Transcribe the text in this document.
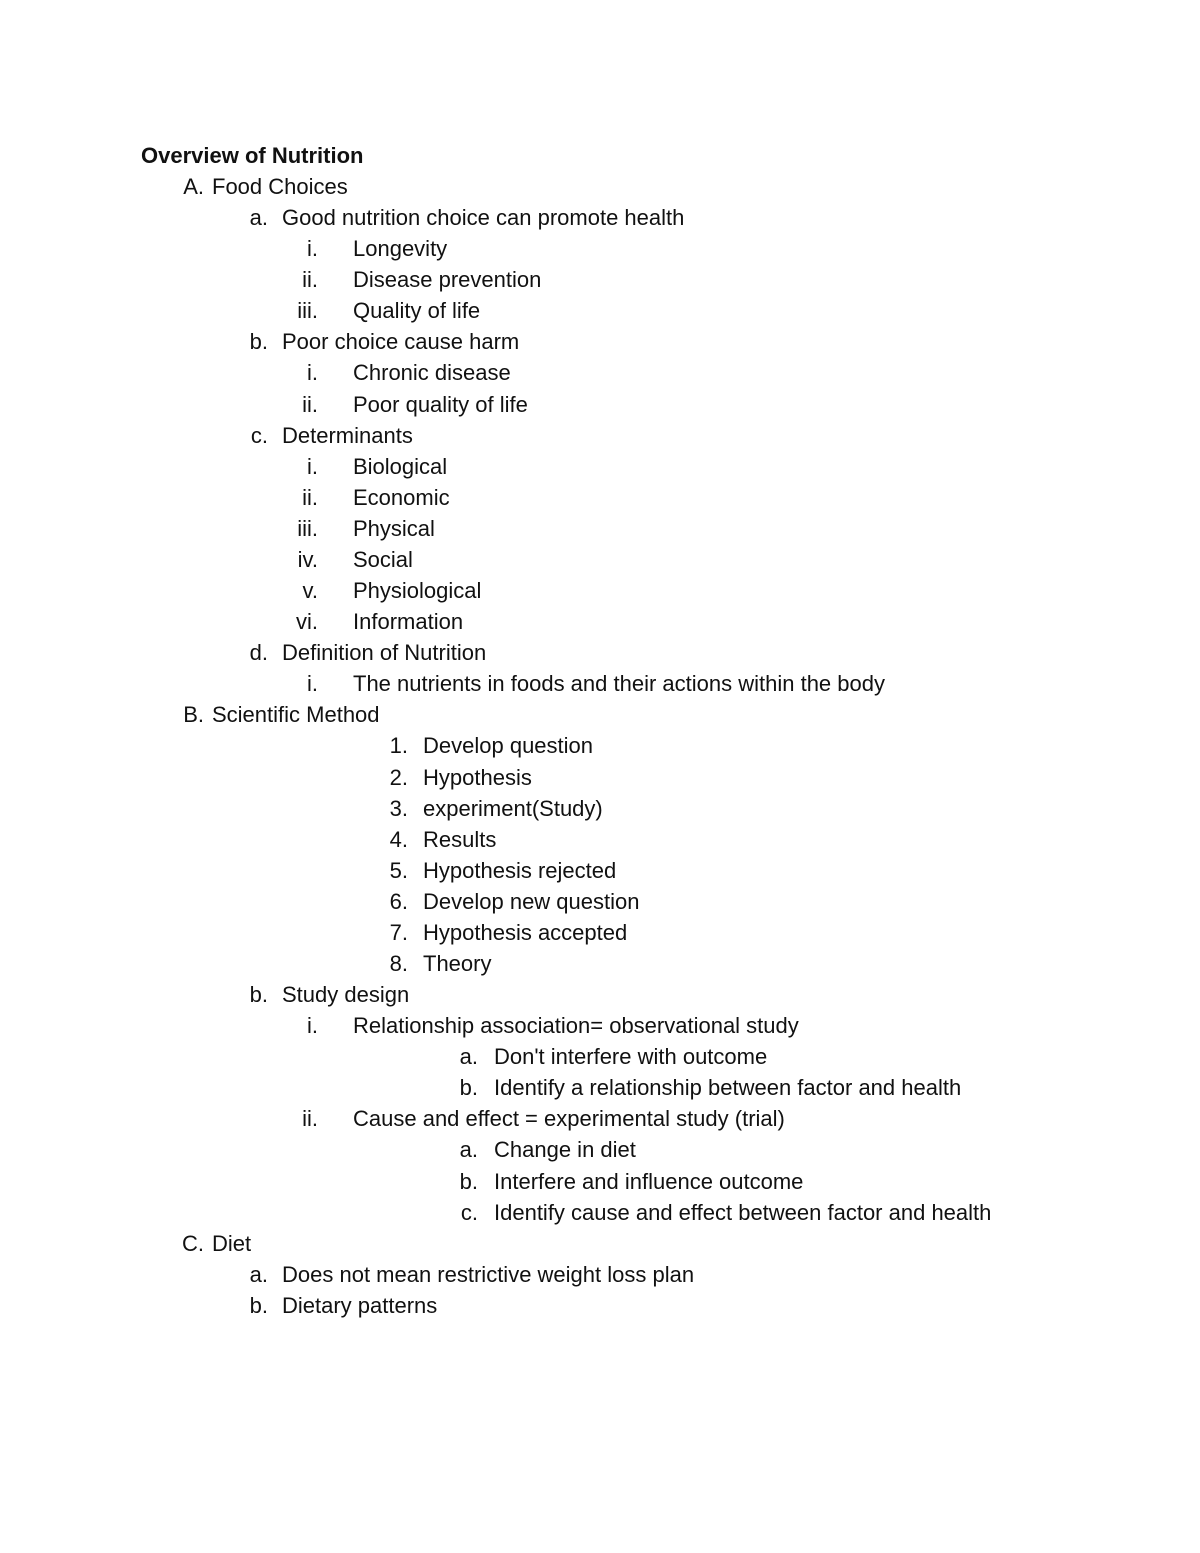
Overview of Nutrition
A. Food Choices
a. Good nutrition choice can promote health
i. Longevity
ii. Disease prevention
iii. Quality of life
b. Poor choice cause harm
i. Chronic disease
ii. Poor quality of life
c. Determinants
i. Biological
ii. Economic
iii. Physical
iv. Social
v. Physiological
vi. Information
d. Definition of Nutrition
i. The nutrients in foods and their actions within the body
B. Scientific Method
1. Develop question
2. Hypothesis
3. experiment(Study)
4. Results
5. Hypothesis rejected
6. Develop new question
7. Hypothesis accepted
8. Theory
b. Study design
i. Relationship association= observational study
a. Don't interfere with outcome
b. Identify a relationship between factor and health
ii. Cause and effect = experimental study (trial)
a. Change in diet
b. Interfere and influence outcome
c. Identify cause and effect between factor and health
C. Diet
a. Does not mean restrictive weight loss plan
b. Dietary patterns
